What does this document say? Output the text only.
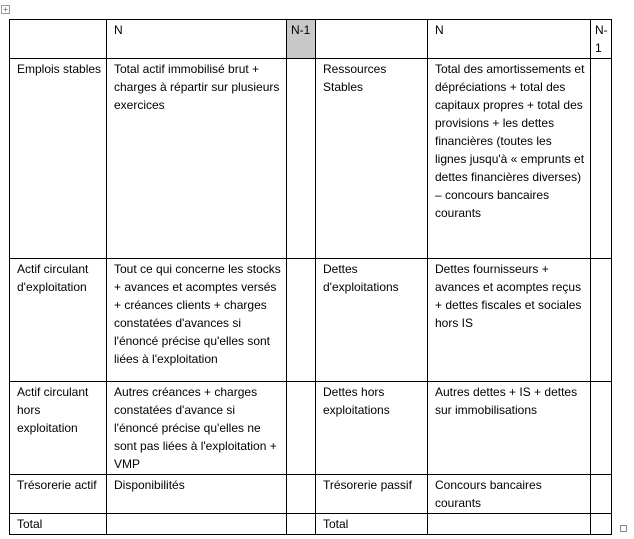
+
	N	N-1		N	N-1
Emplois stables	Total actif immobilisé brut + charges à répartir sur plusieurs exercices		Ressources Stables	Total des amortissements et dépréciations + total des capitaux propres + total des provisions + les dettes financières (toutes les lignes jusqu'à « emprunts et dettes financières diverses) – concours bancaires courants	
Actif circulant d'exploitation	Tout ce qui concerne les stocks + avances et acomptes versés + créances clients + charges constatées d'avances si l'énoncé précise qu'elles sont liées à l'exploitation		Dettes d'exploitations	Dettes fournisseurs + avances et acomptes reçus + dettes fiscales et sociales hors IS	
Actif circulant hors exploitation	Autres créances + charges constatées d'avance si l'énoncé précise qu'elles ne sont pas liées à l'exploitation + VMP		Dettes hors exploitations	Autres dettes + IS + dettes sur immobilisations	
Trésorerie actif	Disponibilités		Trésorerie passif	Concours bancaires courants	
Total			Total		
